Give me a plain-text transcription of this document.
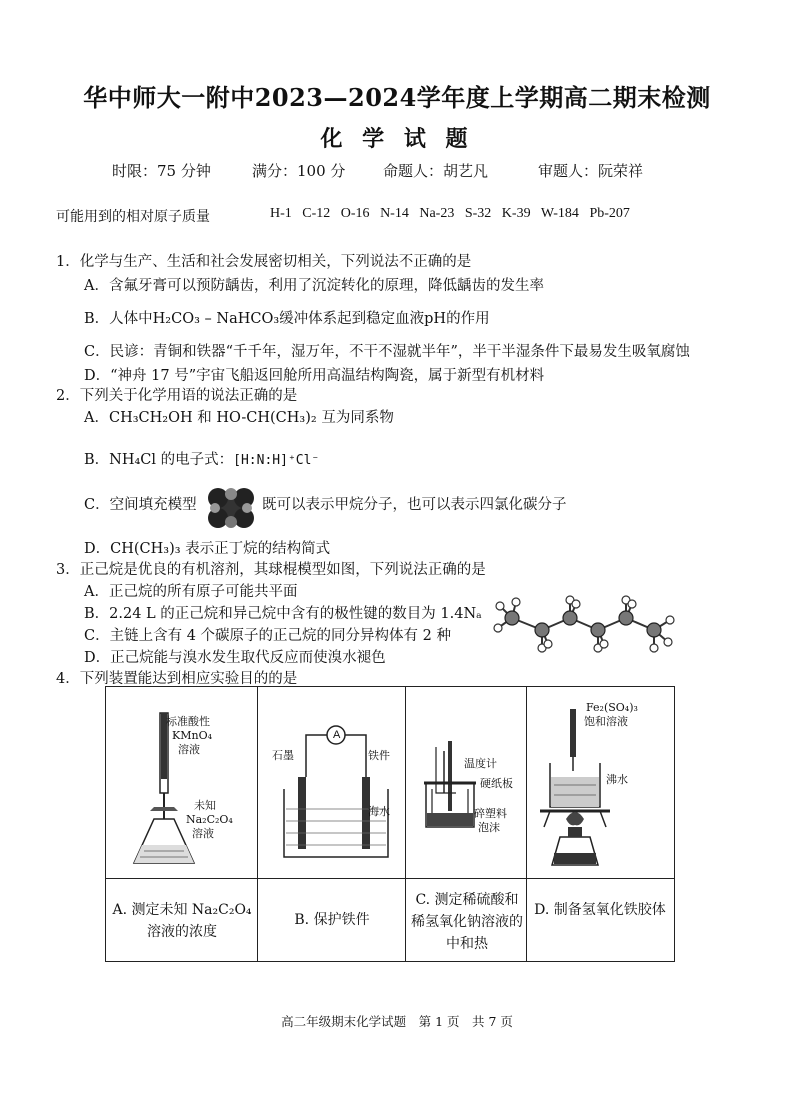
华中师大一附中2023—2024学年度上学期高二期末检测
化 学 试 题
时限：75 分钟	满分：100 分	命题人：胡艺凡	审题人：阮荣祥
可能用到的相对原子质量	H-1 C-12 O-16 N-14 Na-23 S-32 K-39 W-184 Pb-207
1．化学与生产、生活和社会发展密切相关，下列说法不正确的是
A．含氟牙膏可以预防龋齿，利用了沉淀转化的原理，降低龋齿的发生率
B．人体中H₂CO₃ – NaHCO₃缓冲体系起到稳定血液pH的作用
C．民谚：青铜和铁器“千千年，湿万年，不干不湿就半年”，半干半湿条件下最易发生吸氧腐蚀
D．“神舟 17 号”宇宙飞船返回舱所用高温结构陶瓷，属于新型有机材料
2．下列关于化学用语的说法正确的是
A．CH₃CH₂OH 和 HO-CH(CH₃)₂ 互为同系物
B．NH₄Cl 的电子式：[H:N:H]⁺Cl⁻
C．空间填充模型	既可以表示甲烷分子，也可以表示四氯化碳分子
D．CH(CH₃)₃ 表示正丁烷的结构简式
3．正己烷是优良的有机溶剂，其球棍模型如图，下列说法正确的是
A．正己烷的所有原子可能共平面
B．2.24 L 的正己烷和异己烷中含有的极性键的数目为 1.4Nₐ
C．主链上含有 4 个碳原子的正己烷的同分异构体有 2 种
D．正己烷能与溴水发生取代反应而使溴水褪色
4．下列装置能达到相应实验目的的是
标准酸性
KMnO₄
溶液
未知
Na₂C₂O₄
溶液
A
石墨	铁件
海水
温度计
硬纸板
碎塑料
泡沫
Fe₂(SO₄)₃
饱和溶液
沸水
A. 测定未知 Na₂C₂O₄ 溶液的浓度
B. 保护铁件
C. 测定稀硫酸和稀氢氧化钠溶液的中和热
D. 制备氢氧化铁胶体
高二年级期末化学试题　第 1 页　共 7 页
